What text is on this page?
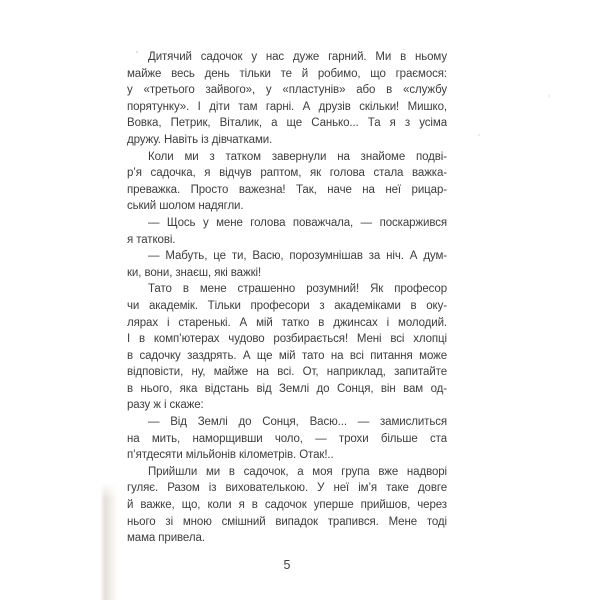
Дитячий садочок у нас дуже гарний. Ми в ньому
майже весь день тільки те й робимо, що граємося:
у «третього зайвого», у «пластунів» або в «службу
порятунку». І діти там гарні. А друзів скільки! Мишко,
Вовка, Петрик, Віталик, а ще Санько... Та я з усіма
дружу. Навіть із дівчатками.
Коли ми з татком завернули на знайоме подві-
р’я садочка, я відчув раптом, як голова стала важка-
преважка. Просто важезна! Так, наче на неї рицар-
ський шолом надягли.
— Щось у мене голова поважчала, — поскаржився
я таткові.
— Мабуть, це ти, Васю, порозумнішав за ніч. А дум-
ки, вони, знаєш, які важкі!
Тато в мене страшенно розумний! Як професор
чи академік. Тільки професори з академіками в оку-
лярах і старенькі. А мій татко в джинсах і молодий.
І в комп’ютерах чудово розбирається! Мені всі хлопці
в садочку заздрять. А ще мій тато на всі питання може
відповісти, ну, майже на всі. От, наприклад, запитайте
в нього, яка відстань від Землі до Сонця, він вам од-
разу ж і скаже:
— Від Землі до Сонця, Васю... — замислиться
на мить, наморщивши чоло, — трохи більше ста
п’ятдесяти мільйонів кілометрів. Отак!..
Прийшли ми в садочок, а моя група вже надворі
гуляє. Разом із вихователькою. У неї ім’я таке довге
й важке, що, коли я в садочок уперше прийшов, через
нього зі мною смішний випадок трапився. Мене тоді
мама привела.
5
